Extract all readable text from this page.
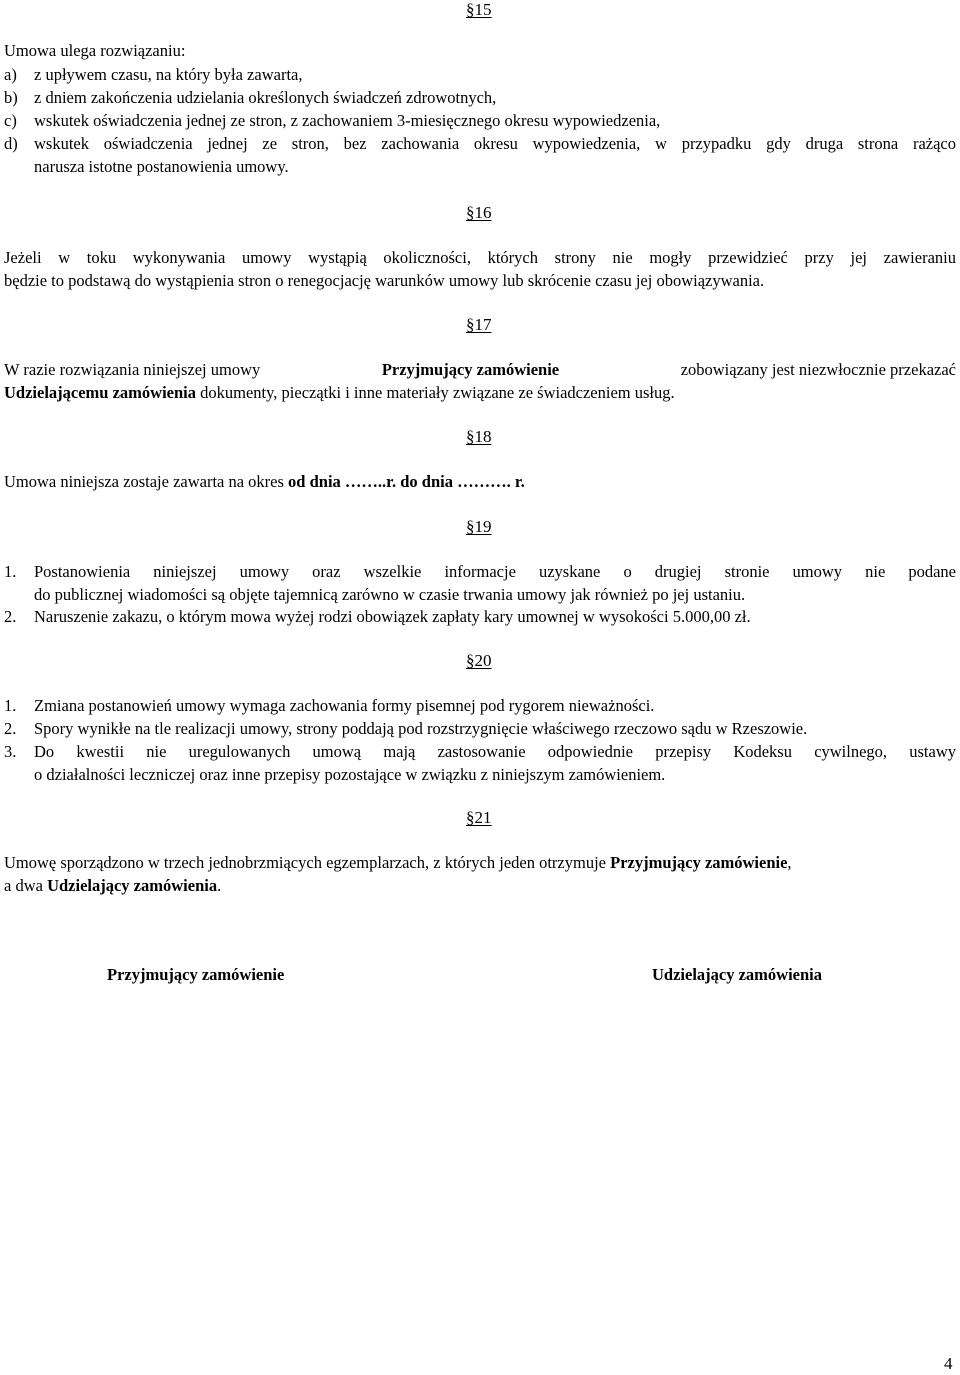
§15
Umowa ulega rozwiązaniu:
a) z upływem czasu, na który była zawarta,
b) z dniem zakończenia udzielania określonych świadczeń zdrowotnych,
c) wskutek oświadczenia jednej ze stron, z zachowaniem 3-miesięcznego okresu wypowiedzenia,
d) wskutek oświadczenia jednej ze stron, bez zachowania okresu wypowiedzenia, w przypadku gdy druga strona rażąco
narusza istotne postanowienia umowy.
§16
Jeżeli w toku wykonywania umowy wystąpią okoliczności, których strony nie mogły przewidzieć przy jej zawieraniu
będzie to podstawą do wystąpienia stron o renegocjację warunków umowy lub skrócenie czasu jej obowiązywania.
§17
W razie rozwiązania niniejszej umowy	Przyjmujący zamówienie	zobowiązany jest niezwłocznie przekazać
Udzielającemu zamówienia dokumenty, pieczątki i inne materiały związane ze świadczeniem usług.
§18
Umowa niniejsza zostaje zawarta na okres od dnia ……..r. do dnia ………. r.
§19
1. Postanowienia niniejszej umowy oraz wszelkie informacje uzyskane o drugiej stronie umowy nie podane
do publicznej wiadomości są objęte tajemnicą zarówno w czasie trwania umowy jak również po jej ustaniu.
2. Naruszenie zakazu, o którym mowa wyżej rodzi obowiązek zapłaty kary umownej w wysokości 5.000,00 zł.
§20
1. Zmiana postanowień umowy wymaga zachowania formy pisemnej pod rygorem nieważności.
2. Spory wynikłe na tle realizacji umowy, strony poddają pod rozstrzygnięcie właściwego rzeczowo sądu w Rzeszowie.
3. Do kwestii nie uregulowanych umową mają zastosowanie odpowiednie przepisy Kodeksu cywilnego, ustawy
o działalności leczniczej oraz inne przepisy pozostające w związku z niniejszym zamówieniem.
§21
Umowę sporządzono w trzech jednobrzmiących egzemplarzach, z których jeden otrzymuje Przyjmujący zamówienie,
a dwa Udzielający zamówienia.
Przyjmujący zamówienie	Udzielający zamówienia
4
